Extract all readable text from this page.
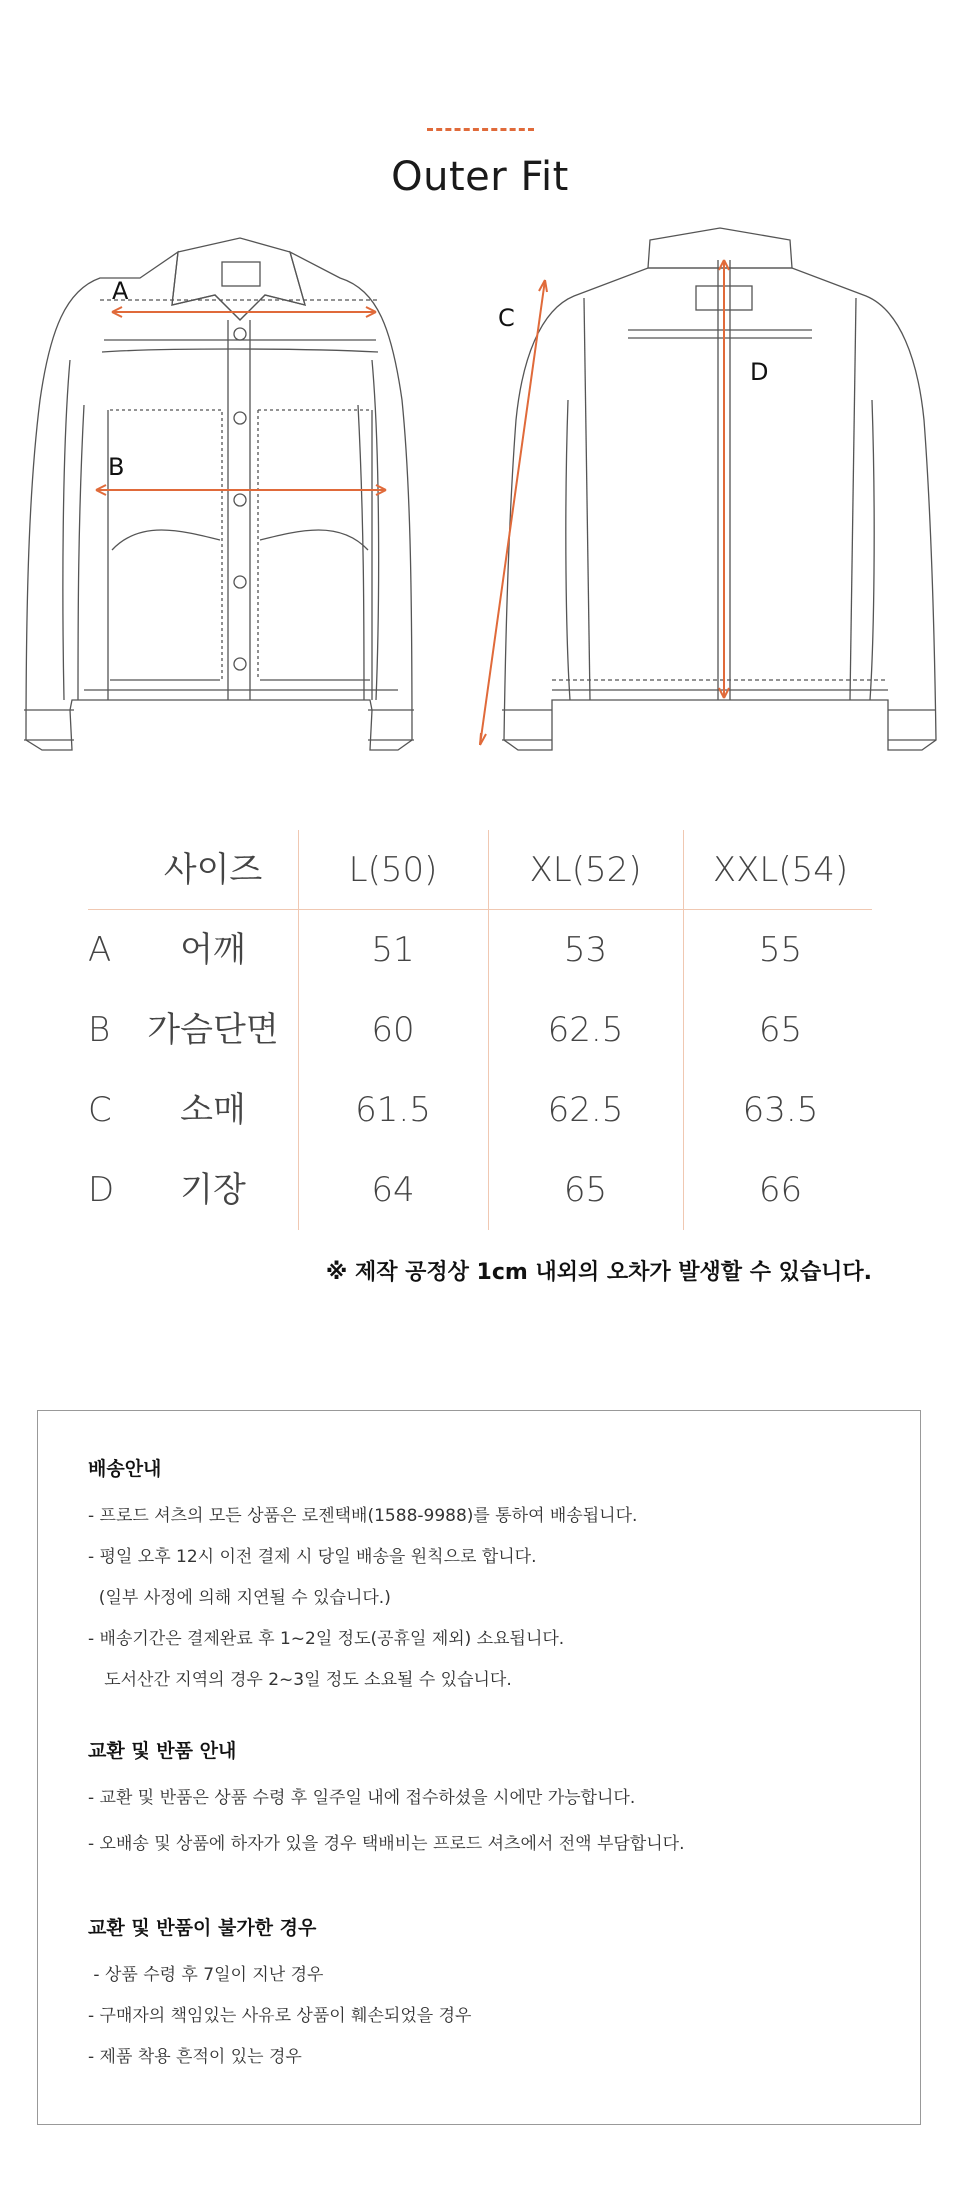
Outer Fit
A
B
C
D
사이즈	L(50)	XL(52)	XXL(54)
A	어깨	51	53	55
B	가슴단면	60	62.5	65
C	소매	61.5	62.5	63.5
D	기장	64	65	66
※ 제작 공정상 1cm 내외의 오차가 발생할 수 있습니다.
배송안내
- 프로드 셔츠의 모든 상품은 로젠택배(1588-9988)를 통하여 배송됩니다.
- 평일 오후 12시 이전 결제 시 당일 배송을 원칙으로 합니다.
(일부 사정에 의해 지연될 수 있습니다.)
- 배송기간은 결제완료 후 1~2일 정도(공휴일 제외) 소요됩니다.
도서산간 지역의 경우 2~3일 정도 소요될 수 있습니다.
교환 및 반품 안내
- 교환 및 반품은 상품 수령 후 일주일 내에 접수하셨을 시에만 가능합니다.
- 오배송 및 상품에 하자가 있을 경우 택배비는 프로드 셔츠에서 전액 부담합니다.
교환 및 반품이 불가한 경우
- 상품 수령 후 7일이 지난 경우
- 구매자의 책임있는 사유로 상품이 훼손되었을 경우
- 제품 착용 흔적이 있는 경우
